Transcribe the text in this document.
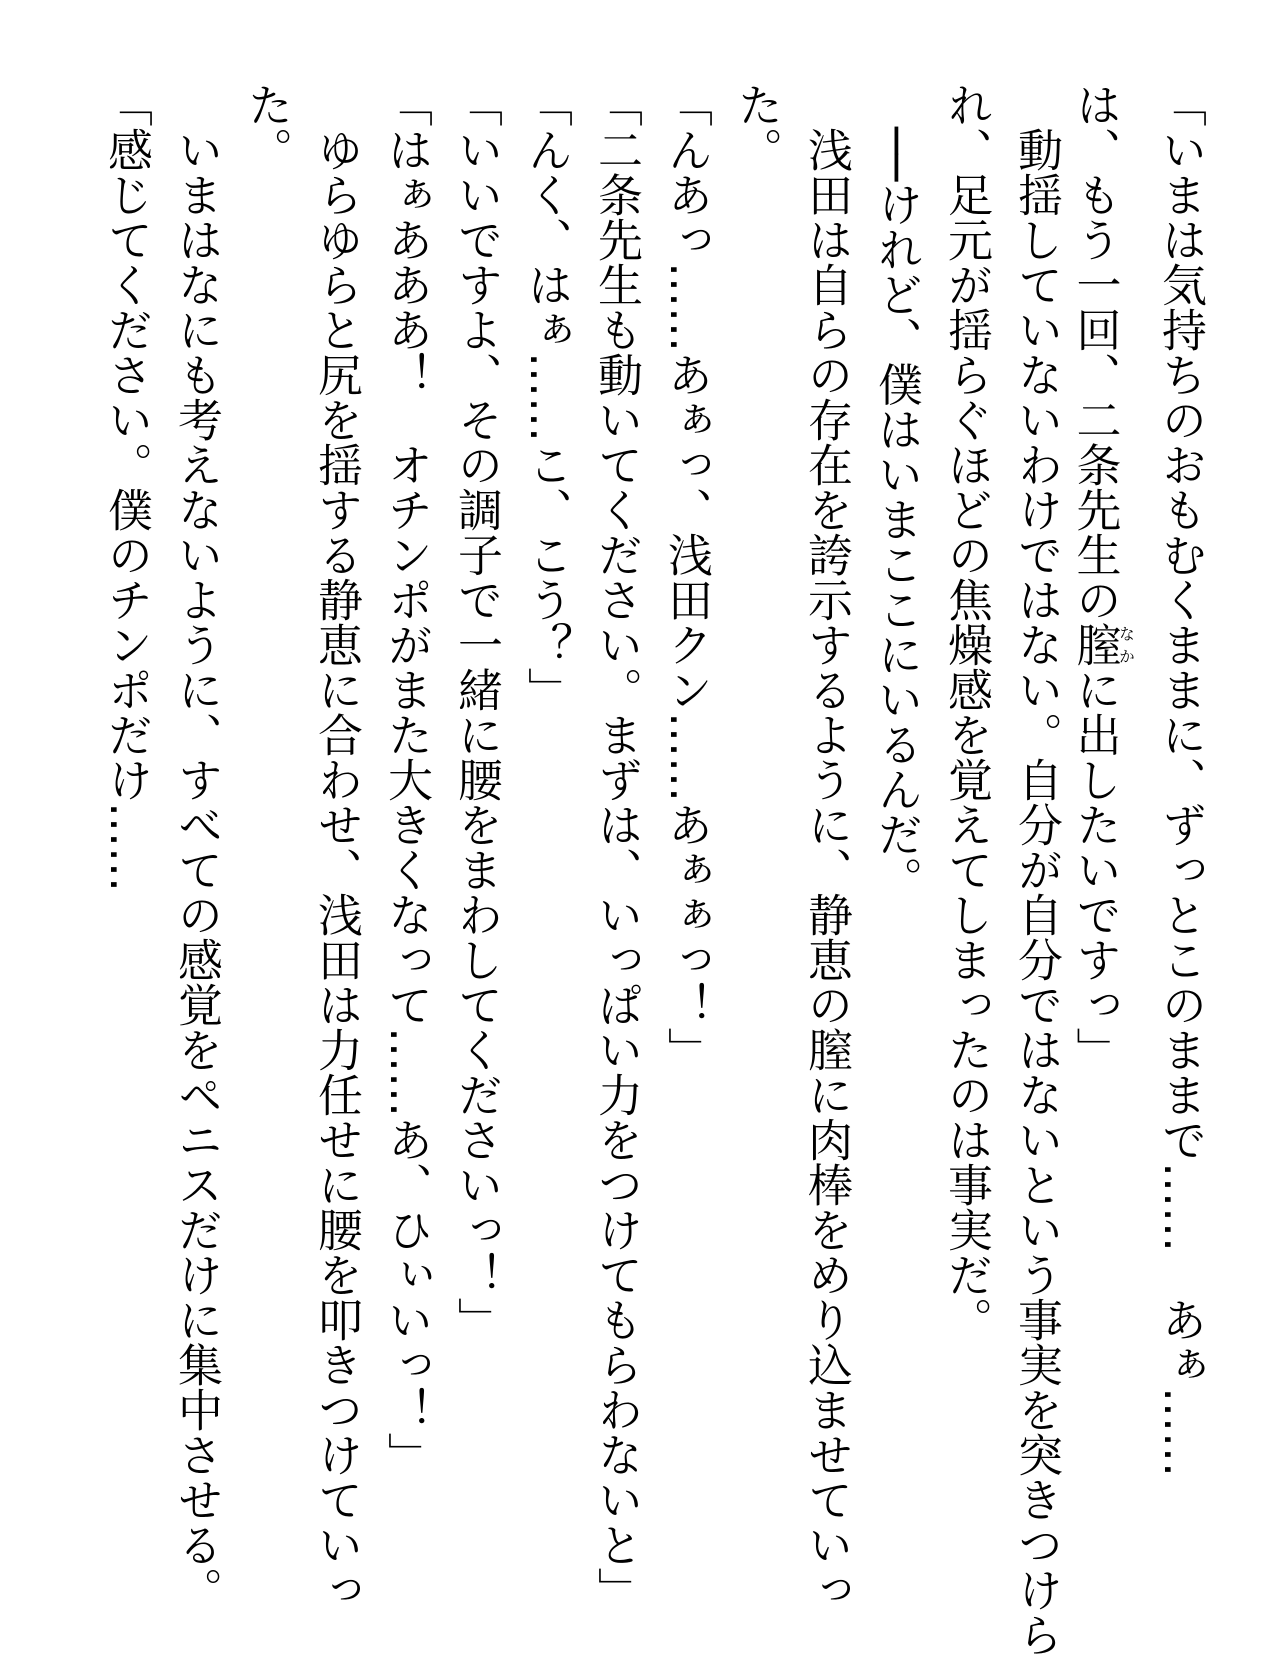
「いまは気持ちのおもむくままに、ずっとこのままで……　あぁ……
は、もう一回、二条先生の膣なかに出したいですっ」
動揺していないわけではない。自分が自分ではないという事実を突きつけら
れ、足元が揺らぐほどの焦燥感を覚えてしまったのは事実だ。
──けれど、僕はいまここにいるんだ。
浅田は自らの存在を誇示するように、静恵の膣に肉棒をめり込ませていっ
た。
「んあっ……あぁっ、浅田クン……あぁぁっ！」
「二条先生も動いてください。まずは、いっぱい力をつけてもらわないと」
「んく、はぁ……こ、こう？」
「いいですよ、その調子で一緒に腰をまわしてくださいっ！」
「はぁあああ！　オチンポがまた大きくなって……あ、ひぃいっ！」
ゆらゆらと尻を揺する静恵に合わせ、浅田は力任せに腰を叩きつけていっ
た。
いまはなにも考えないように、すべての感覚をペニスだけに集中させる。
「感じてください。僕のチンポだけ……
